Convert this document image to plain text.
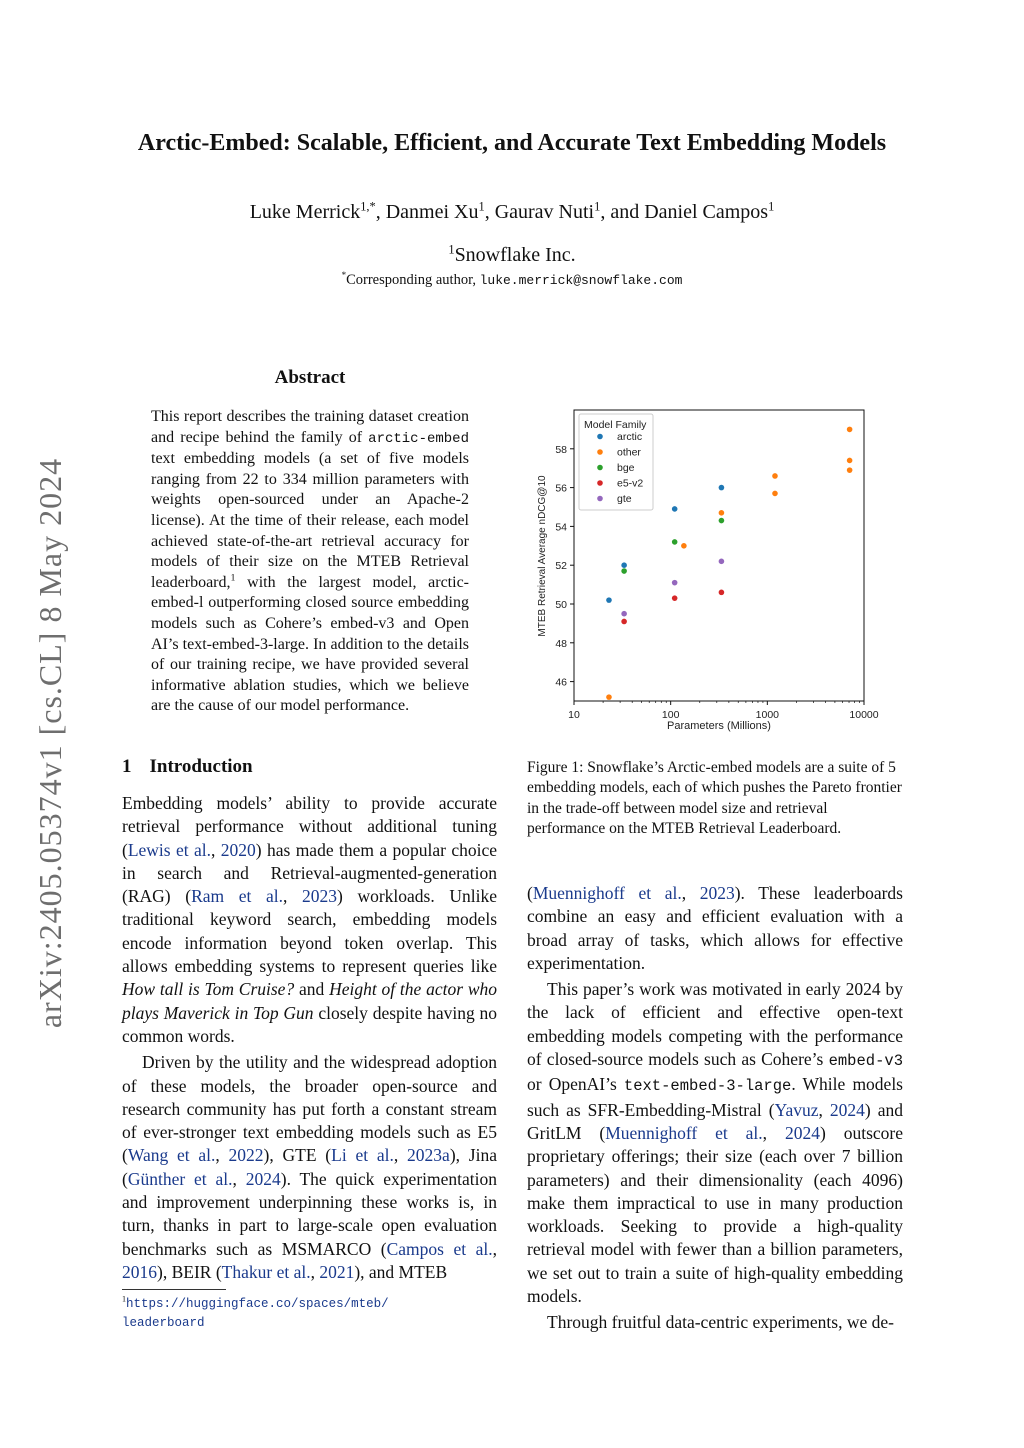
arXiv:2405.05374v1 [cs.CL] 8 May 2024
Arctic-Embed: Scalable, Efficient, and Accurate Text Embedding Models
Luke Merrick$^{1,*}$, Danmei Xu$^1$, Gaurav Nuti$^1$, and Daniel Campos$^1$
$^1$Snowflake Inc.
*Corresponding author, luke.merrick@snowflake.com
Abstract
This report describes the training dataset creation and recipe behind the family of arctic-embed text embedding models (a set of five models ranging from 22 to 334 million parameters with weights open-sourced under an Apache-2 license). At the time of their release, each model achieved state-of-the-art retrieval accuracy for models of their size on the MTEB Retrieval leaderboard,$^1$ with the largest model, arctic-embed-l outperforming closed source embedding models such as Cohere’s embed-v3 and Open AI’s text-embed-3-large. In addition to the details of our training recipe, we have provided several informative ablation studies, which we believe are the cause of our model performance.
1 Introduction

Embedding models’ ability to provide accurate retrieval performance without additional tuning (Lewis et al., 2020) has made them a popular choice in search and Retrieval-augmented-generation (RAG) (Ram et al., 2023) workloads. Unlike traditional keyword search, embedding models encode information beyond token overlap. This allows embedding systems to represent queries like How tall is Tom Cruise? and Height of the actor who plays Maverick in Top Gun closely despite having no common words.

Driven by the utility and the widespread adoption of these models, the broader open-source and research community has put forth a constant stream of ever-stronger text embedding models such as E5 (Wang et al., 2022), GTE (Li et al., 2023a), Jina (Günther et al., 2024). The quick experimentation and improvement underpinning these works is, in turn, thanks in part to large-scale open evaluation benchmarks such as MSMARCO (Campos et al., 2016), BEIR (Thakur et al., 2021), and MTEB

$^1$https://huggingface.co/spaces/mteb/
leaderboard
46
48
50
52
54
56
58
10	100	1000	10000
Parameters (Millions)
MTEB Retrieval Average nDCG@10
Model Family
arctic
other
bge
e5-v2
gte
Figure 1: Snowflake’s Arctic-embed models are a suite of 5 embedding models, each of which pushes the Pareto frontier in the trade-off between model size and retrieval performance on the MTEB Retrieval Leaderboard.

(Muennighoff et al., 2023). These leaderboards combine an easy and efficient evaluation with a broad array of tasks, which allows for effective experimentation.

This paper’s work was motivated in early 2024 by the lack of efficient and effective open-text embedding models competing with the performance of closed-source models such as Cohere’s embed-v3 or OpenAI’s text-embed-3-large. While models such as SFR-Embedding-Mistral (Yavuz, 2024) and GritLM (Muennighoff et al., 2024) outscore proprietary offerings; their size (each over 7 billion parameters) and their dimensionality (each 4096) make them impractical to use in many production workloads. Seeking to provide a high-quality retrieval model with fewer than a billion parameters, we set out to train a suite of high-quality embedding models.

Through fruitful data-centric experiments, we de-
